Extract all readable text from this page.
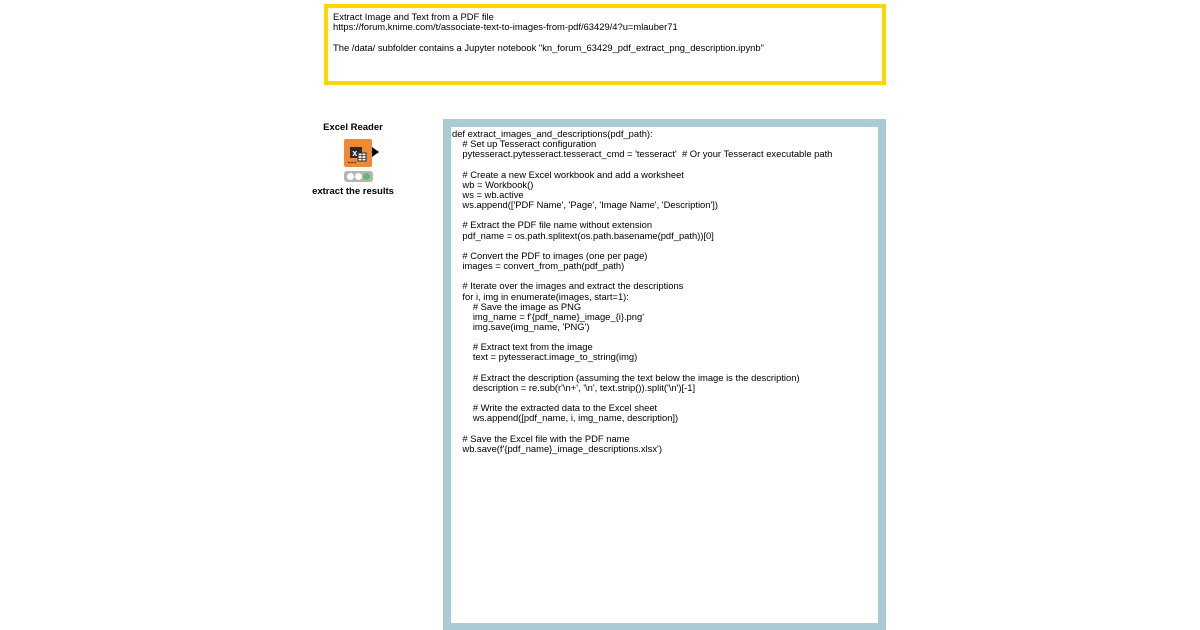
Extract Image and Text from a PDF file
https://forum.knime.com/t/associate-text-to-images-from-pdf/63429/4?u=mlauber71

The /data/ subfolder contains a Jupyter notebook "kn_forum_63429_pdf_extract_png_description.ipynb"
Excel Reader
x
extract the results
def extract_images_and_descriptions(pdf_path):
# Set up Tesseract configuration
pytesseract.pytesseract.tesseract_cmd = 'tesseract'  # Or your Tesseract executable path

# Create a new Excel workbook and add a worksheet
wb = Workbook()
ws = wb.active
ws.append(['PDF Name', 'Page', 'Image Name', 'Description'])

# Extract the PDF file name without extension
pdf_name = os.path.splitext(os.path.basename(pdf_path))[0]

# Convert the PDF to images (one per page)
images = convert_from_path(pdf_path)

# Iterate over the images and extract the descriptions
for i, img in enumerate(images, start=1):
# Save the image as PNG
img_name = f'{pdf_name}_image_{i}.png'
img.save(img_name, 'PNG')

# Extract text from the image
text = pytesseract.image_to_string(img)

# Extract the description (assuming the text below the image is the description)
description = re.sub(r'\n+', '\n', text.strip()).split('\n')[-1]

# Write the extracted data to the Excel sheet
ws.append([pdf_name, i, img_name, description])

# Save the Excel file with the PDF name
wb.save(f'{pdf_name}_image_descriptions.xlsx')
